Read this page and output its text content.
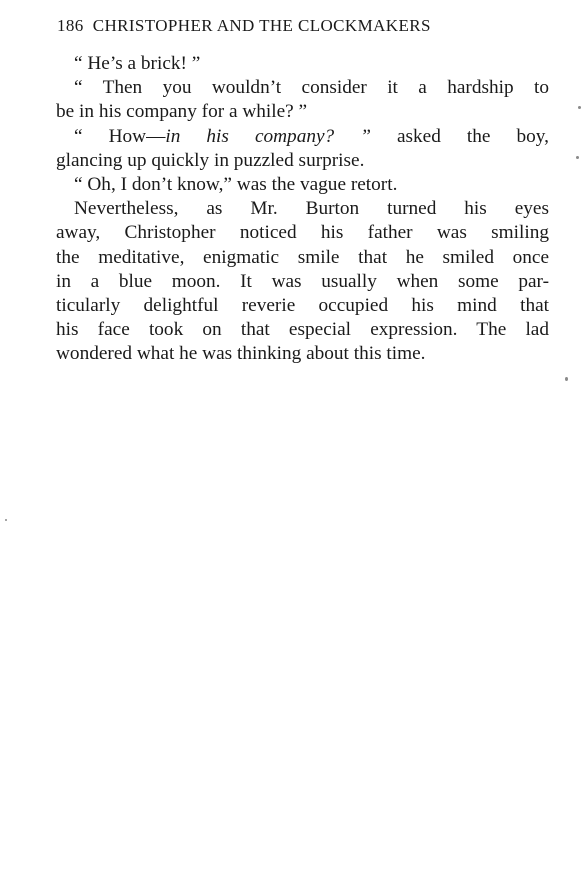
186 CHRISTOPHER AND THE CLOCKMAKERS
“ He’s a brick! ”
“ Then you wouldn’t consider it a hardship to
be in his company for a while? ”
“ How—in his company? ” asked the boy,
glancing up quickly in puzzled surprise.
“ Oh, I don’t know,” was the vague retort.
Nevertheless, as Mr. Burton turned his eyes
away, Christopher noticed his father was smiling
the meditative, enigmatic smile that he smiled once
in a blue moon. It was usually when some par-
ticularly delightful reverie occupied his mind that
his face took on that especial expression. The lad
wondered what he was thinking about this time.
